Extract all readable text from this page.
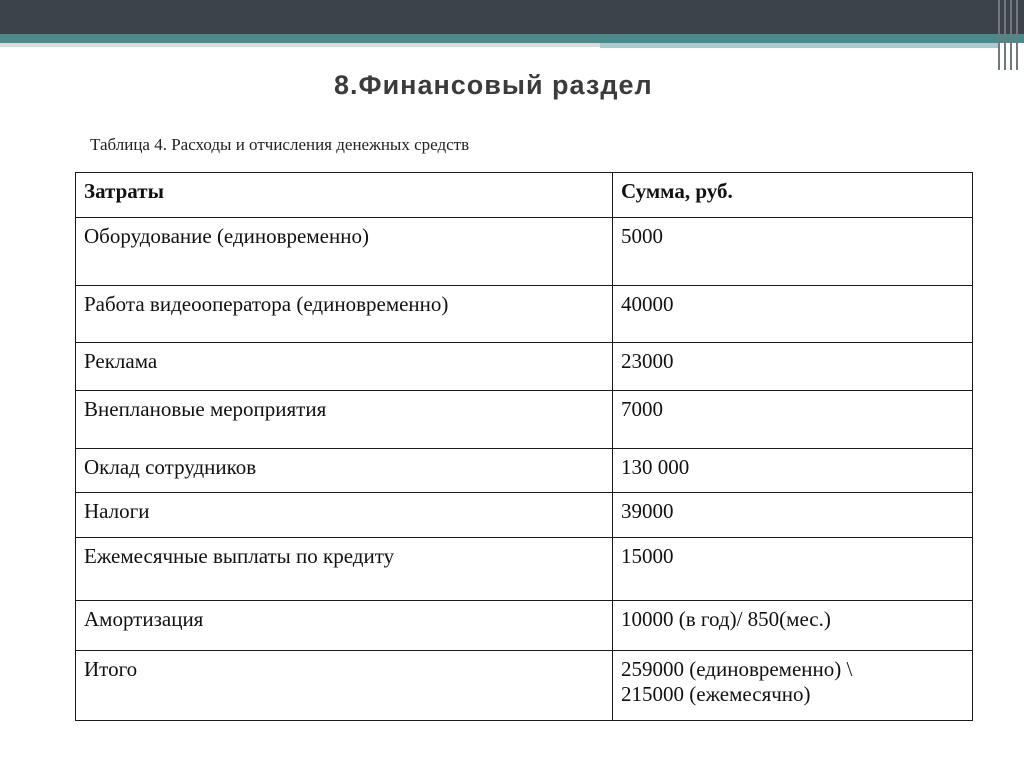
8.Финансовый раздел

Таблица 4. Расходы и отчисления денежных средств

Затраты	Сумма, руб.
Оборудование (единовременно)	5000
Работа видеооператора (единовременно)	40000
Реклама	23000
Внеплановые мероприятия	7000
Оклад сотрудников	130 000
Налоги	39000
Ежемесячные выплаты по кредиту	15000
Амортизация	10000 (в год)/ 850(мес.)
Итого	259000 (единовременно) \
215000 (ежемесячно)
